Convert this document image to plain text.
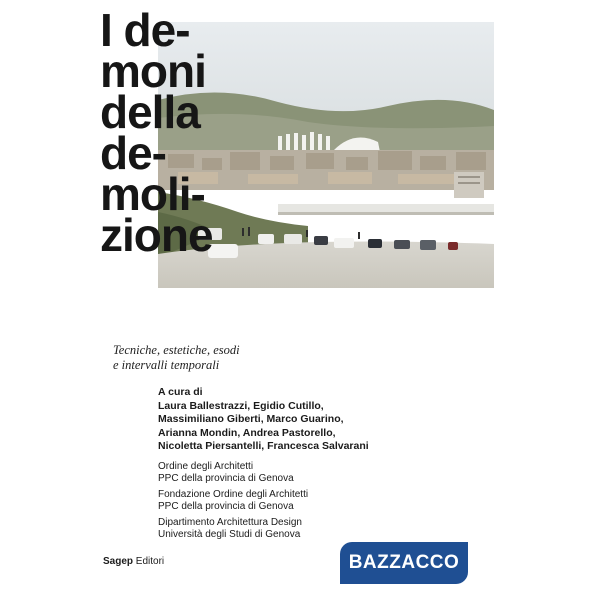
I de-
moni
della
de-
moli-
zione
Tecniche, estetiche, esodi
e intervalli temporali
A cura di
Laura Ballestrazzi, Egidio Cutillo,
Massimiliano Giberti, Marco Guarino,
Arianna Mondin, Andrea Pastorello,
Nicoletta Piersantelli, Francesca Salvarani
Ordine degli Architetti
PPC della provincia di Genova
Fondazione Ordine degli Architetti
PPC della provincia di Genova
Dipartimento Architettura Design
Università degli Studi di Genova
Sagep Editori	BAZZACCO
